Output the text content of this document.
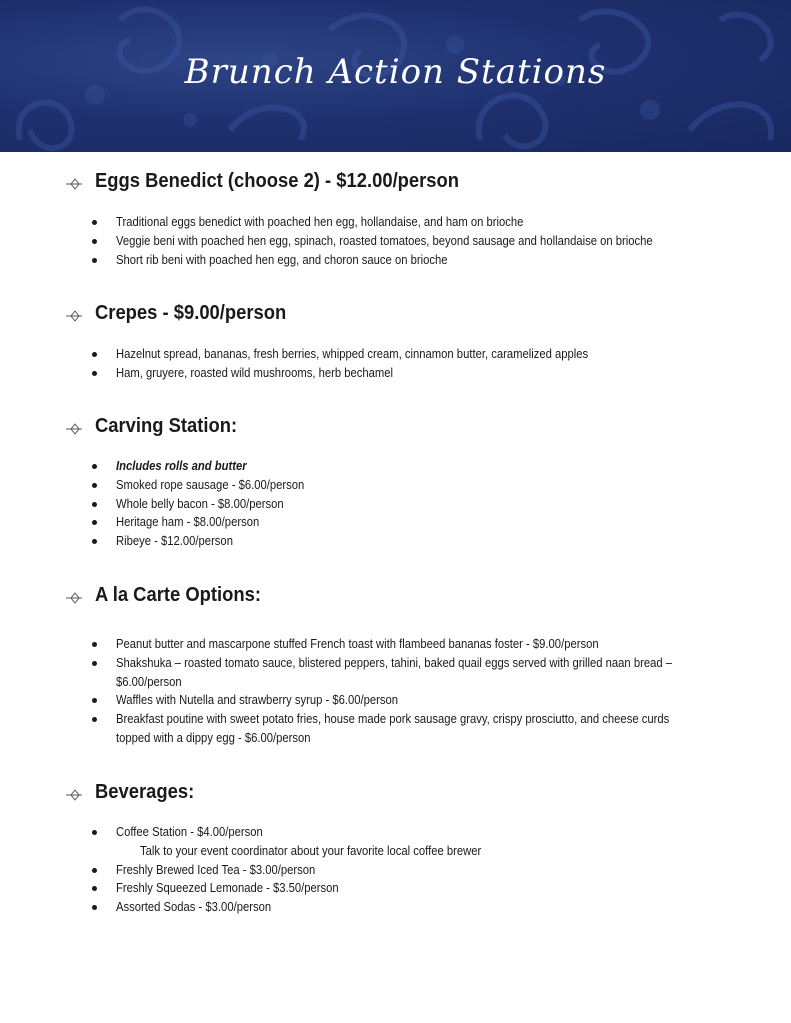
Brunch Action Stations
Eggs Benedict (choose 2) - $12.00/person
Traditional eggs benedict with poached hen egg, hollandaise, and ham on brioche
Veggie beni with poached hen egg, spinach, roasted tomatoes, beyond sausage and hollandaise on brioche
Short rib beni with poached hen egg, and choron sauce on brioche
Crepes - $9.00/person
Hazelnut spread, bananas, fresh berries, whipped cream, cinnamon butter, caramelized apples
Ham, gruyere, roasted wild mushrooms, herb bechamel
Carving Station:
Includes rolls and butter
Smoked rope sausage - $6.00/person
Whole belly bacon - $8.00/person
Heritage ham - $8.00/person
Ribeye - $12.00/person
A la Carte Options:
Peanut butter and mascarpone stuffed French toast with flambeed bananas foster - $9.00/person
Shakshuka – roasted tomato sauce, blistered peppers, tahini, baked quail eggs served with grilled naan bread –
$6.00/person
Waffles with Nutella and strawberry syrup - $6.00/person
Breakfast poutine with sweet potato fries, house made pork sausage gravy, crispy prosciutto, and cheese curds
topped with a dippy egg - $6.00/person
Beverages:
Coffee Station - $4.00/person
Talk to your event coordinator about your favorite local coffee brewer
Freshly Brewed Iced Tea - $3.00/person
Freshly Squeezed Lemonade - $3.50/person
Assorted Sodas - $3.00/person
